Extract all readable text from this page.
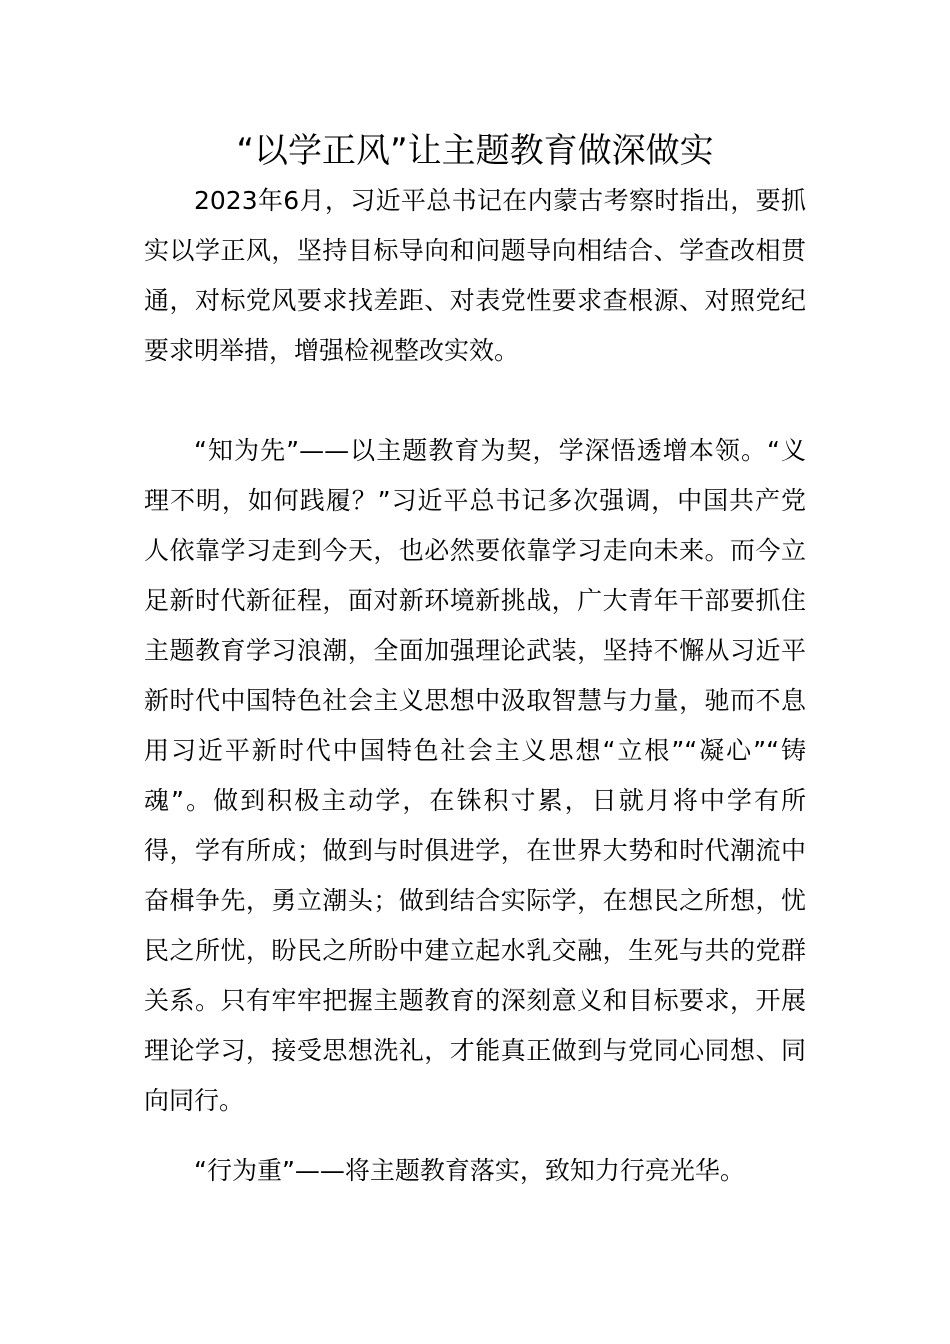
“以学正风”让主题教育做深做实

2023年6月，习近平总书记在内蒙古考察时指出，要抓实以学正风，坚持目标导向和问题导向相结合、学查改相贯通，对标党风要求找差距、对表党性要求查根源、对照党纪要求明举措，增强检视整改实效。

“知为先”——以主题教育为契，学深悟透增本领。“义理不明，如何践履？”习近平总书记多次强调，中国共产党人依靠学习走到今天，也必然要依靠学习走向未来。而今立足新时代新征程，面对新环境新挑战，广大青年干部要抓住主题教育学习浪潮，全面加强理论武装，坚持不懈从习近平新时代中国特色社会主义思想中汲取智慧与力量，驰而不息用习近平新时代中国特色社会主义思想“立根”“凝心”“铸魂”。做到积极主动学，在铢积寸累，日就月将中学有所得，学有所成；做到与时俱进学，在世界大势和时代潮流中奋楫争先，勇立潮头；做到结合实际学，在想民之所想，忧民之所忧，盼民之所盼中建立起水乳交融，生死与共的党群关系。只有牢牢把握主题教育的深刻意义和目标要求，开展理论学习，接受思想洗礼，才能真正做到与党同心同想、同向同行。

“行为重”——将主题教育落实，致知力行亮光华。
